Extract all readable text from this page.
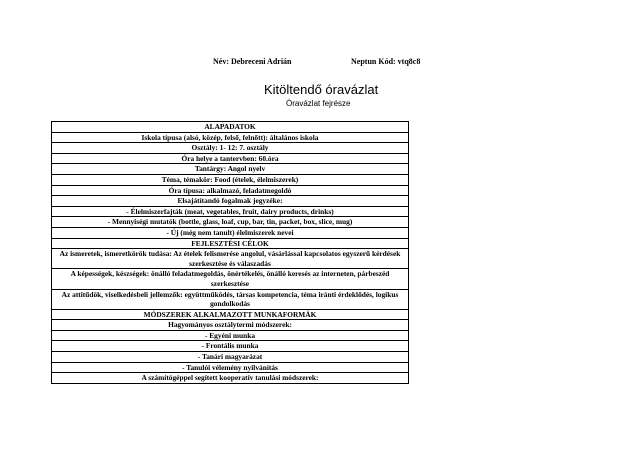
Név: Debreceni Adrián	Neptun Kód: vtq8c8
Kitöltendő óravázlat
Óravázlat fejrésze
ALAPADATOK
Iskola típusa (alsó, közép, felső, felnőtt): általános iskola
Osztály: 1- 12: 7. osztály
Óra helye a tantervben: 60.óra
Tantárgy: Angol nyelv
Téma, témakör: Food (ételek, élelmiszerek)
Óra típusa: alkalmazó, feladatmegoldó
Elsajátítandó fogalmak jegyzéke:
- Élelmiszerfajták (meat, vegetables, fruit, dairy products, drinks)
- Mennyiségi mutatók (bottle, glass, loaf, cup, bar, tin, packet, box, slice, mug)
- Új (még nem tanult) élelmiszerek nevei
FEJLESZTÉSI CÉLOK
Az ismeretek, ismeretkörök tudása: Az ételek felismerése angolul, vásárlással kapcsolatos egyszerű kérdések szerkesztése és válaszadás
A képességek, készségek: önálló feladatmegoldás, önértékelés, önálló keresés az interneten, párbeszéd szerkesztése
Az attitűdök, viselkedésbeli jellemzők: együttműködés, társas kompetencia, téma iránti érdeklődés, logikus gondolkodás
MÓDSZEREK ALKALMAZOTT MUNKAFORMÁK
Hagyományos osztálytermi módszerek:
- Egyéni munka
- Frontális munka
- Tanári magyarázat
- Tanulói vélemény nyilvánítás
A számítógéppel segített kooperatív tanulási módszerek:
